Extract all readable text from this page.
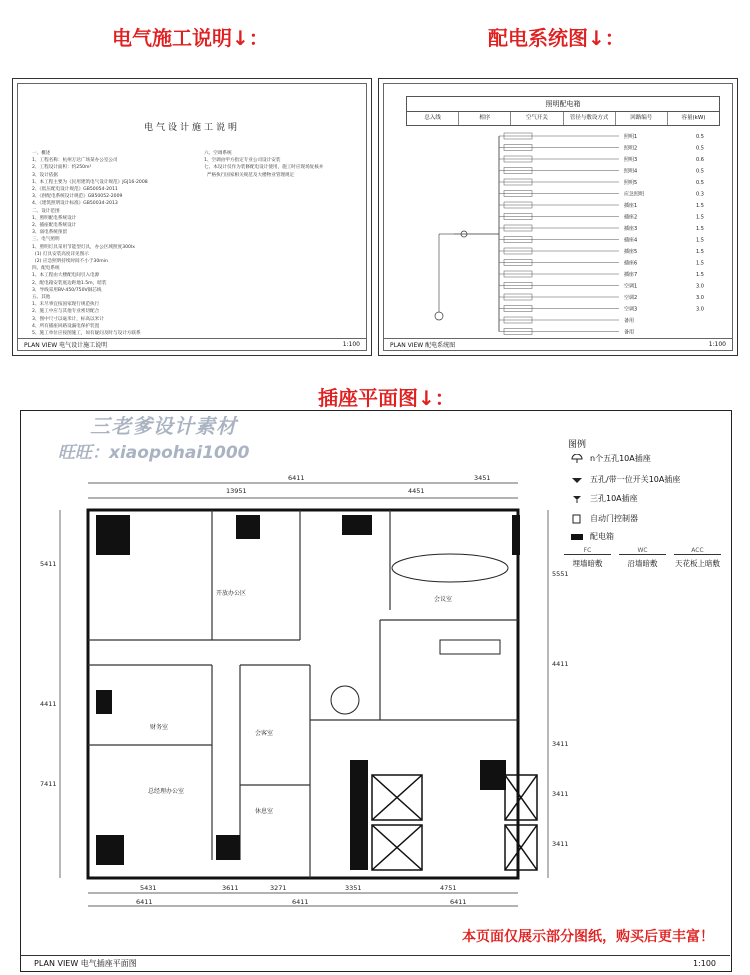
电气施工说明↓：	配电系统图↓：
插座平面图↓：
电气设计施工说明
一、概述
1、工程名称：杭州万达广场某办公室公司
2、工程设计面积：约250m²
3、设计依据
1、本工程主要为《民用建筑电气设计规范》JGJ16-2008
2、《低压配电设计规范》GB50054-2011
3、《供配电系统设计规范》GB50052-2009
4、《建筑照明设计标准》GB50034-2013
二、设计范围
1、照明配电系统设计
2、插座配电系统设计
3、弱电系统预留
三、电气照明
1、照明灯具采用节能型灯具，办公区域照度300lx
(1) 灯具安装高度详见图示
(2) 应急照明持续时间不小于30min
四、配电系统
1、本工程由大楼配电间引入电源
2、配电箱安装底边距地1.5m，暗装
3、导线采用BV-450/750V铜芯线
五、其他
1、未尽事宜按国家现行规范执行
2、施工中应与其他专业密切配合
3、图中尺寸以毫米计，标高以米计
4、所有插座回路设漏电保护装置
5、施工单位应按图施工，如有疑问及时与设计方联系
六、空调系统
1、空调由甲方指定专业公司设计安装
七、本设计仅作为装修配电设计使用，施工时应现场复核并
严格执行国家相关规范及大楼物业管理规定
PLAN VIEW 电气设计施工说明	1:100
照明配电箱
总入线	相序	空气开关	管径与敷设方式	回路编号	容量(kW)
照明1	0.5
照明2	0.5
照明3	0.6
照明4	0.5
照明5	0.5
应急照明	0.3
插座1	1.5
插座2	1.5
插座3	1.5
插座4	1.5
插座5	1.5
插座6	1.5
插座7	1.5
空调1	3.0
空调2	3.0
空调3	3.0
备用
备用
PLAN VIEW 配电系统图	1:100
13951	4451
3451
6411
5431	3611	3271	3351	4751
6411	6411	6411
5411
4411
7411
5551
4411
3411
3411
3411
财务室
总经理办公室
会客室
休息室
开放办公区
会议室
三老爹设计素材
旺旺：xiaopohai1000	图例
n个五孔10A插座
五孔/带一位开关10A插座
三孔10A插座
自动门控制器
配电箱
FC	WC	ACC
埋墙暗敷	沿墙暗敷	天花板上暗敷
本页面仅展示部分图纸，购买后更丰富！
PLAN VIEW 电气插座平面图	1:100
